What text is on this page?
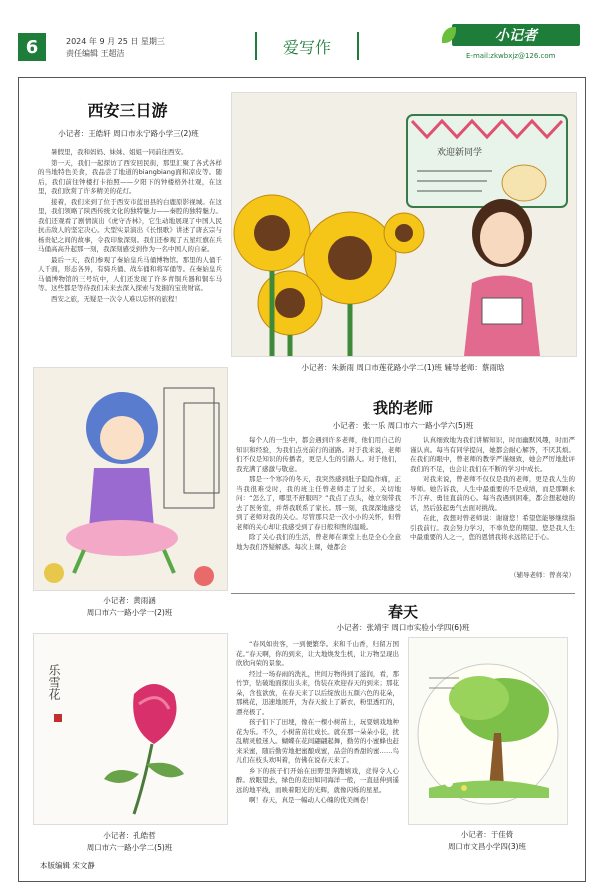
6	2024 年 9 月 25 日 星期三
责任编辑 王超洁	爱写作
小记者
E-mail:zkwbxjz@126.com
西安三日游
小记者：王皓轩 周口市永宁路小学三(2)班

暑假里，我和妈妈、妹妹、姐姐一同前往西安。

第一天，我们一起探访了西安回民街，那里汇聚了各式各样的当地特色美食，我品尝了地道的biangbiang面和凉皮等。随后，我们前往钟楼打卡拍照——夕阳下的钟楼格外壮观，在这里，我们欣赏了许多精美的花灯。

接着，我们来到了位于西安市蓝田县的白鹿原影视城。在这里，我们领略了陕西传统文化的独特魅力——秦腔的独特魅力。我们还观看了剧情演出《虎守杏林》，它生动地展现了中国人民抗击敌人的坚定决心。大型实景演出《长恨歌》讲述了唐玄宗与杨贵妃之间的故事，令我印象深刻。我们还参观了五星红旗在兵马俑高高升起那一刻，我深刻感受到作为一名中国人的自豪。

最后一天，我们参观了秦始皇兵马俑博物馆。那里的人俑千人千面，形态各异，有骑兵俑、战车俑和将军俑等。在秦始皇兵马俑博物馆的三号坑中，人们还发现了许多青铜兵器和铜车马等。这些都是等待我们未来去深入探索与发掘的宝贵财富。

西安之旅，无疑是一次令人难以忘怀的旅程！

欢迎新同学
小记者：朱新雨 周口市莲花路小学二(1)班 辅导老师：蔡雨晗
小记者：黄雨涵
周口市六一路小学一(2)班
我的老师
小记者：张一乐 周口市六一路小学六(5)班

每个人的一生中，都会遇到许多老师，他们用自己的知识和经验，为我们点亮前行的道路。对于我来说，老师们不仅是知识的传播者，更是人生的引路人。对于他们，我充满了感激与敬意。

那是一个寒冷的冬天，我突然感到肚子隐隐作痛，正当我很难受时，我的班主任曾老师走了过来，关切地问：“怎么了，哪里不舒服吗？”我点了点头，她立刻带我去了医务室，并帮我联系了家长。那一刻，我深深地感受到了老师对我的关心。尽管那只是一次小小的关怀，但曾老师的关心却让我感受到了春日般和煦的温暖。

除了关心我们的生活，曾老师在课堂上也是全心全意地为我们答疑解惑。每次上课，她都会

认真细致地为我们讲解知识，时而幽默风趣，时而严谨认真。每当有同学提问，她都会耐心解答，不厌其烦。在我们的眼中，曾老师的教学严谨细致，她会严厉地批评我们的不足，也会让我们在不断的学习中成长。

对我来说，曾老师不仅仅是我的老师，更是我人生的导师。她告诉我，人生中最重要的不是成绩，而是那颗永不言弃、勇往直前的心。每当我遇到困难，都会想起她的话，然后鼓起勇气去面对挑战。

在此，我想对曾老师说：谢谢您！希望您能够继续指引我前行。我会努力学习，不辜负您的期望。您是我人生中最重要的人之一，您的恩情我将永远铭记于心。

（辅导老师：曾喜荣）
春天
小记者：张靖宇 周口市实验小学四(6)班

“春风如贵客，一到便繁华。来和千山香，归留万国花。”春天啊，你的到来，让大地焕发生机，让万物呈现出欣欣向荣的景象。

经过一场春雨的洗礼，世间万物得到了滋润，看，那竹笋，钻破地面探出头来，伪装在欢迎春天的到来；那花朵，含苞欲放，在春天来了以后绽放出五颜六色的花朵，那桃花，迅速地展开，为春天披上了新衣，粉里透红的，漂亮极了。

孩子们下了田埂，像在一棵小树苗上，玩耍嬉戏地种花为乐。不久，小树苗茁壮成长。就在那一朵朵小花，扰乱精灵般迷人。蝴蝶在花间翩翩起舞，勤劳的小蜜蜂也赶来采蜜，随后勤劳地把蜜酿成蜜，品尝的香甜的蜜……鸟儿们在枝头欢叫着，仿佛在说春天来了。

乡下的孩子们开始在田野里奔跑嬉戏，竞得令人心醉。放眼望去，绿色的麦田如同海洋一般，一直延伸到遥远的地平线，而映着阳光的光辉，就像闪烁的星星。

啊！春天，真是一幅动人心魄的优美画卷！

乐雪花
小记者：孔皓哲
周口市六一路小学二(5)班
本版编辑 宋文静
小记者：于佳倚
周口市文昌小学四(3)班
